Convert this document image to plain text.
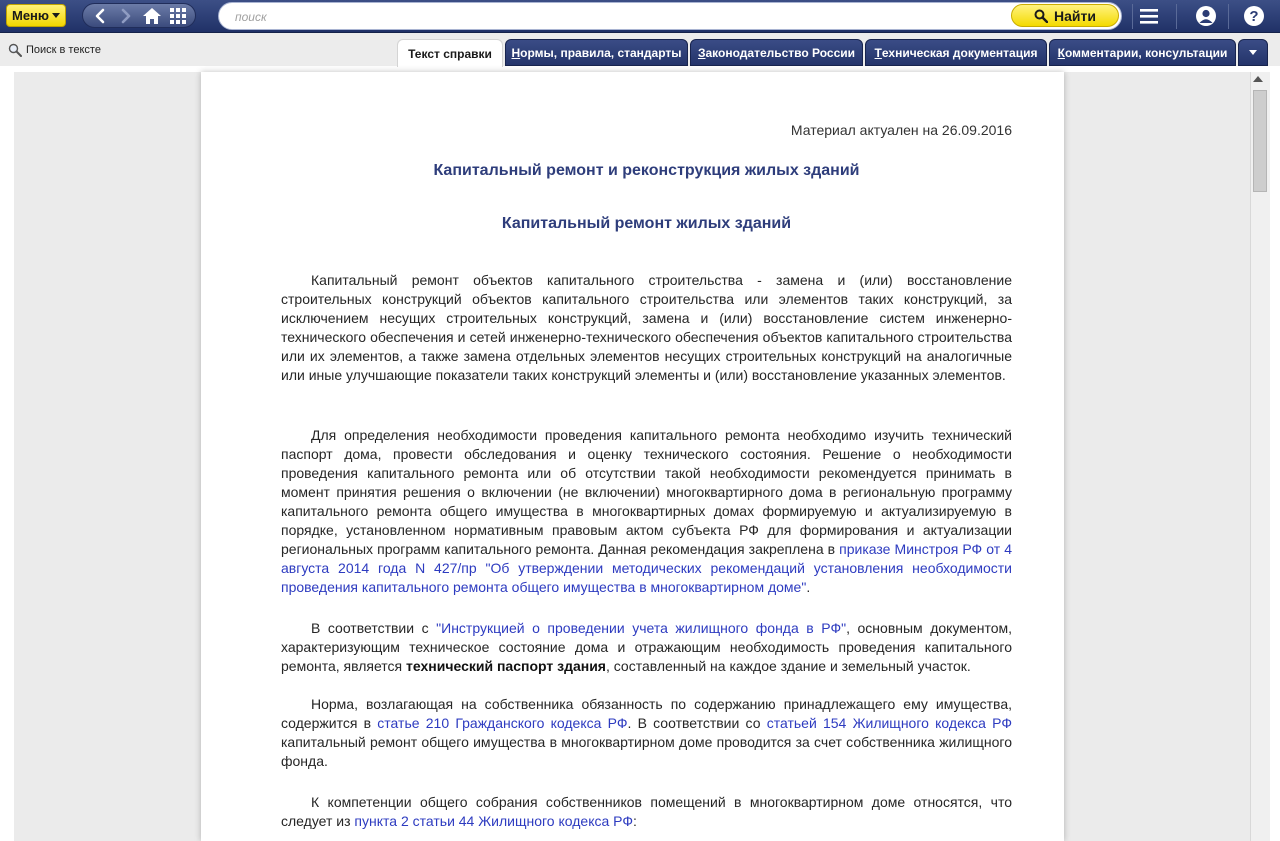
Меню
поиск	Найти	?
Поиск в тексте	Текст справки Н ормы, правила, стандарты З аконодательство России Т ехническая документация К омментарии, консультации
Материал актуален на 26.09.2016
Капитальный ремонт и реконструкция жилых зданий
Капитальный ремонт жилых зданий

Капитальный ремонт объектов капитального строительства - замена и (или) восстановление строительных конструкций объектов капитального строительства или элементов таких конструкций, за исключением несущих строительных конструкций, замена и (или) восстановление систем инженерно-технического обеспечения и сетей инженерно-технического обеспечения объектов капитального строительства или их элементов, а также замена отдельных элементов несущих строительных конструкций на аналогичные или иные улучшающие показатели таких конструкций элементы и (или) восстановление указанных элементов.

Для определения необходимости проведения капитального ремонта необходимо изучить технический паспорт дома, провести обследования и оценку технического состояния. Решение о необходимости проведения капитального ремонта или об отсутствии такой необходимости рекомендуется принимать в момент принятия решения о включении (не включении) многоквартирного дома в региональную программу капитального ремонта общего имущества в многоквартирных домах формируемую и актуализируемую в порядке, установленном нормативным правовым актом субъекта РФ для формирования и актуализации региональных программ капитального ремонта. Данная рекомендация закреплена в приказе Минстроя РФ от 4 августа 2014 года N 427/пр "Об утверждении методических рекомендаций установления необходимости проведения капитального ремонта общего имущества в многоквартирном доме".

В соответствии с "Инструкцией о проведении учета жилищного фонда в РФ", основным документом, характеризующим техническое состояние дома и отражающим необходимость проведения капитального ремонта, является технический паспорт здания, составленный на каждое здание и земельный участок.

Норма, возлагающая на собственника обязанность по содержанию принадлежащего ему имущества, содержится в статье 210 Гражданского кодекса РФ. В соответствии со статьей 154 Жилищного кодекса РФ капитальный ремонт общего имущества в многоквартирном доме проводится за счет собственника жилищного фонда.

К компетенции общего собрания собственников помещений в многоквартирном доме относятся, что следует из пункта 2 статьи 44 Жилищного кодекса РФ:
